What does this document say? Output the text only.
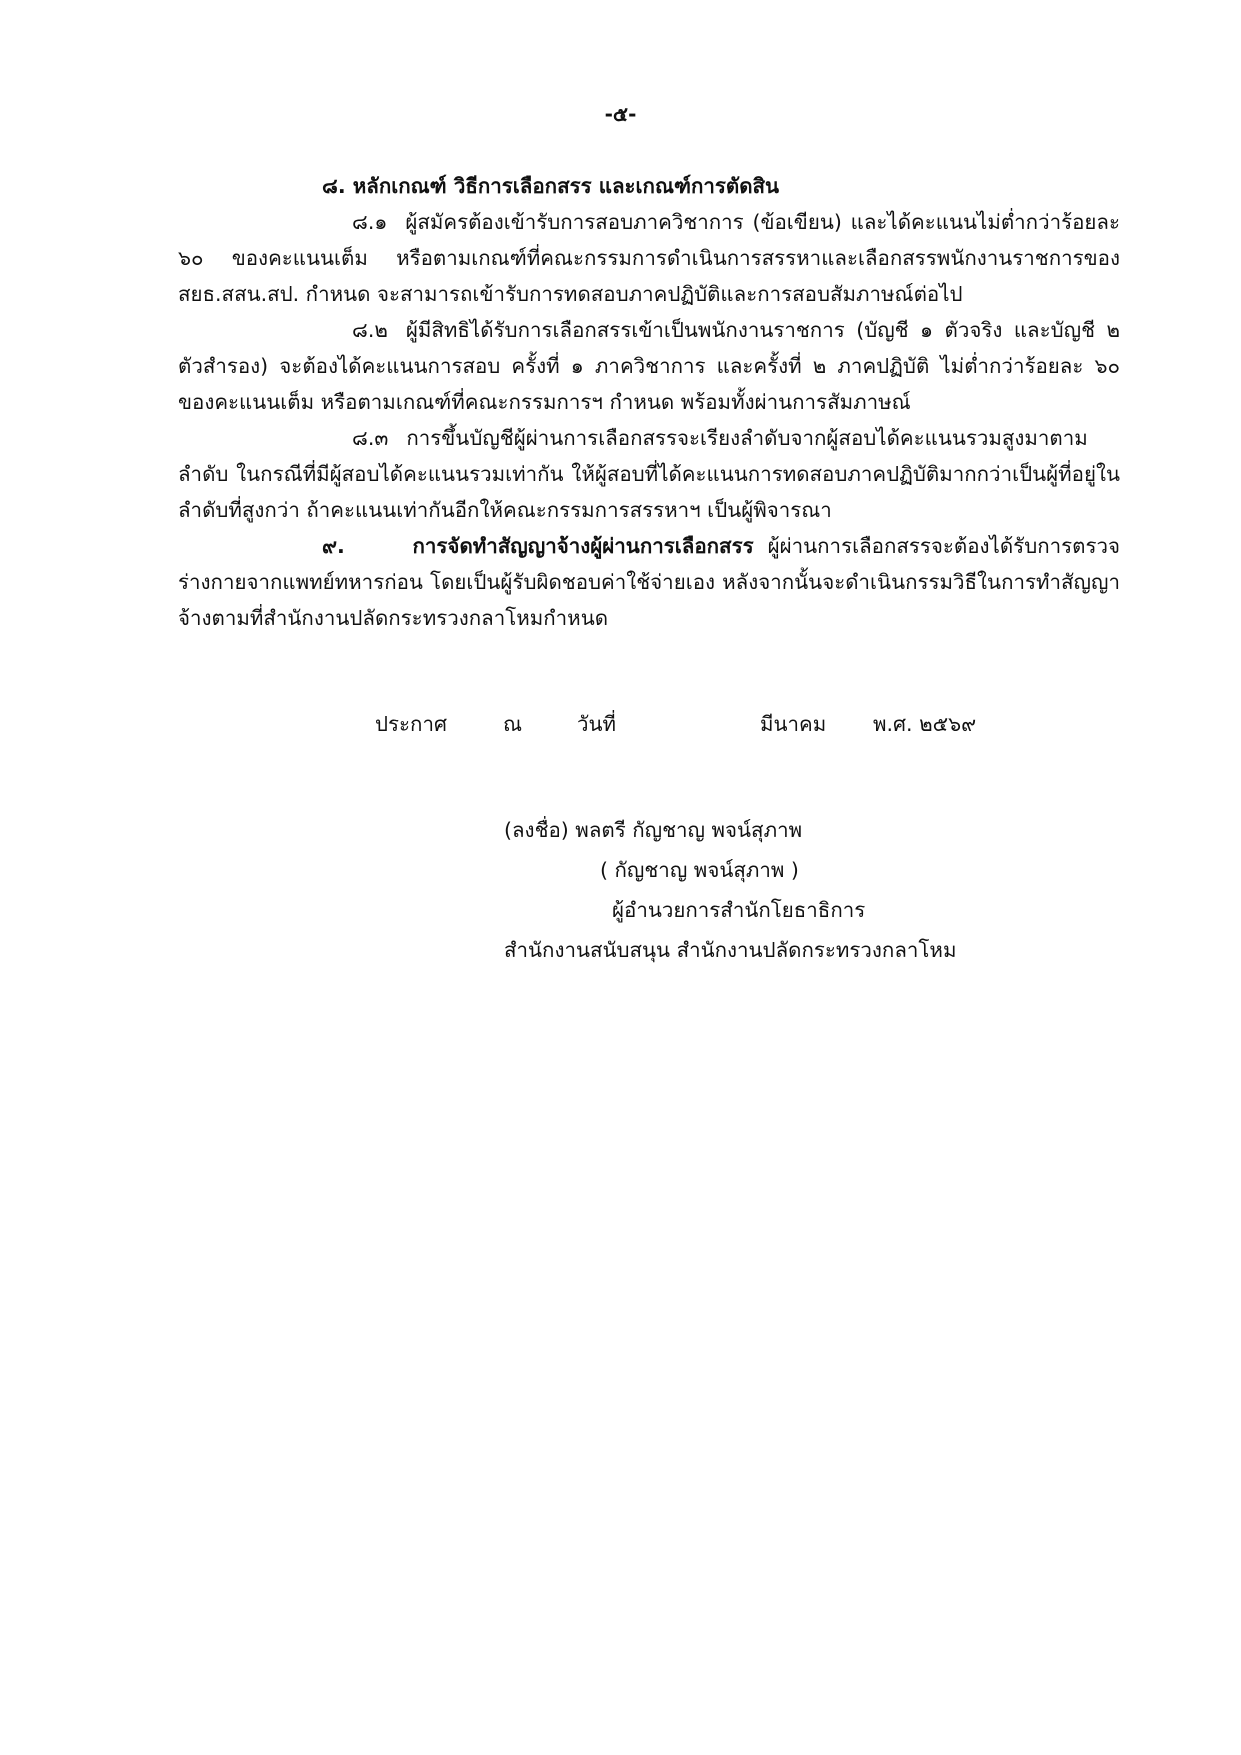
-๕-

๘. หลักเกณฑ์ วิธีการเลือกสรร และเกณฑ์การตัดสิน

๘.๑ ผู้สมัครต้องเข้ารับการสอบภาควิชาการ (ข้อเขียน) และได้คะแนนไม่ต่ำกว่าร้อยละ ๖๐ ของคะแนนเต็ม หรือตามเกณฑ์ที่คณะกรรมการดำเนินการสรรหาและเลือกสรรพนักงานราชการของ สยธ.สสน.สป. กำหนด จะสามารถเข้ารับการทดสอบภาคปฏิบัติและการสอบสัมภาษณ์ต่อไป

๘.๒ ผู้มีสิทธิได้รับการเลือกสรรเข้าเป็นพนักงานราชการ (บัญชี ๑ ตัวจริง และบัญชี ๒ ตัวสำรอง) จะต้องได้คะแนนการสอบ ครั้งที่ ๑ ภาควิชาการ และครั้งที่ ๒ ภาคปฏิบัติ ไม่ต่ำกว่าร้อยละ ๖๐ ของคะแนนเต็ม หรือตามเกณฑ์ที่คณะกรรมการฯ กำหนด พร้อมทั้งผ่านการสัมภาษณ์

๘.๓ การขึ้นบัญชีผู้ผ่านการเลือกสรรจะเรียงลำดับจากผู้สอบได้คะแนนรวมสูงมาตามลำดับ ในกรณีที่มีผู้สอบได้คะแนนรวมเท่ากัน ให้ผู้สอบที่ได้คะแนนการทดสอบภาคปฏิบัติมากกว่าเป็นผู้ที่อยู่ในลำดับที่สูงกว่า ถ้าคะแนนเท่ากันอีกให้คณะกรรมการสรรหาฯ เป็นผู้พิจารณา

๙. การจัดทำสัญญาจ้างผู้ผ่านการเลือกสรร ผู้ผ่านการเลือกสรรจะต้องได้รับการตรวจร่างกายจากแพทย์ทหารก่อน โดยเป็นผู้รับผิดชอบค่าใช้จ่ายเอง หลังจากนั้นจะดำเนินกรรมวิธีในการทำสัญญาจ้างตามที่สำนักงานปลัดกระทรวงกลาโหมกำหนด

ประกาศ	ณ	วันที่	มีนาคม พ.ศ. ๒๕๖๙
(ลงชื่อ) พลตรี กัญชาญ พจน์สุภาพ
( กัญชาญ พจน์สุภาพ )
ผู้อำนวยการสำนักโยธาธิการ
สำนักงานสนับสนุน สำนักงานปลัดกระทรวงกลาโหม
